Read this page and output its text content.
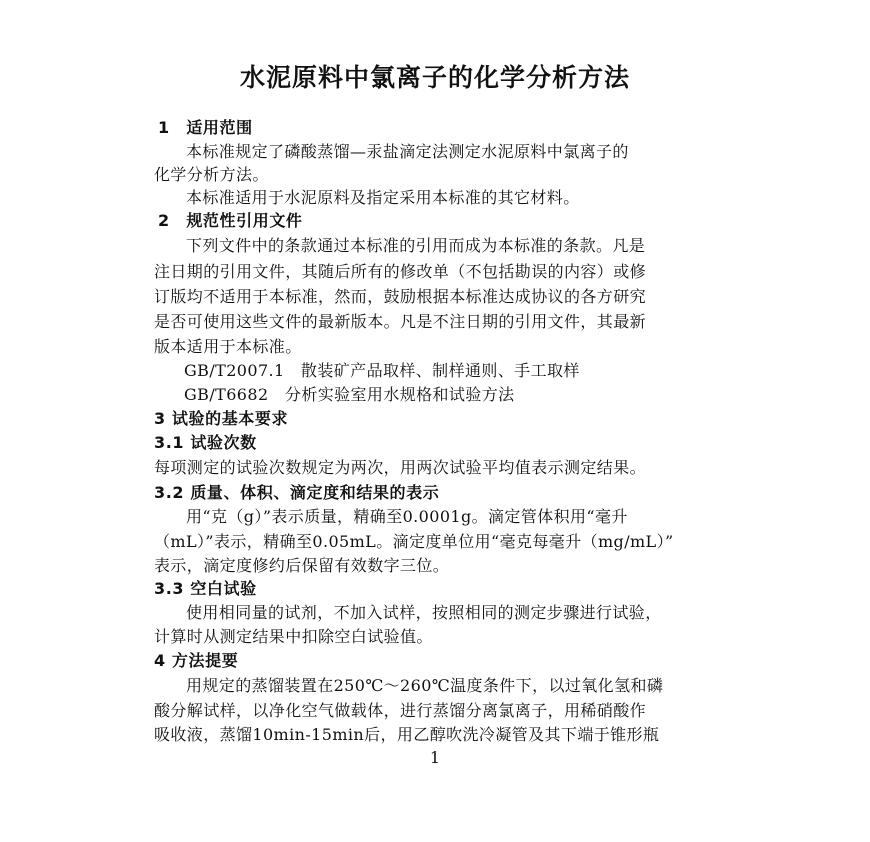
水泥原料中氯离子的化学分析方法
1　适用范围
本标准规定了磷酸蒸馏—汞盐滴定法测定水泥原料中氯离子的
化学分析方法。
本标准适用于水泥原料及指定采用本标准的其它材料。
2　规范性引用文件
下列文件中的条款通过本标准的引用而成为本标准的条款。凡是
注日期的引用文件，其随后所有的修改单（不包括勘误的内容）或修
订版均不适用于本标准，然而，鼓励根据本标准达成协议的各方研究
是否可使用这些文件的最新版本。凡是不注日期的引用文件，其最新
版本适用于本标准。
GB/T2007.1　散装矿产品取样、制样通则、手工取样
GB/T6682　分析实验室用水规格和试验方法
3 试验的基本要求
3.1 试验次数
每项测定的试验次数规定为两次，用两次试验平均值表示测定结果。
3.2 质量、体积、滴定度和结果的表示
用“克（g）”表示质量，精确至0.0001g。滴定管体积用“毫升
（mL）”表示，精确至0.05mL。滴定度单位用“毫克每毫升（mg/mL）”
表示，滴定度修约后保留有效数字三位。
3.3 空白试验
使用相同量的试剂，不加入试样，按照相同的测定步骤进行试验，
计算时从测定结果中扣除空白试验值。
4 方法提要
用规定的蒸馏装置在250℃～260℃温度条件下，以过氧化氢和磷
酸分解试样，以净化空气做载体，进行蒸馏分离氯离子，用稀硝酸作
吸收液，蒸馏10min-15min后，用乙醇吹洗冷凝管及其下端于锥形瓶
1
